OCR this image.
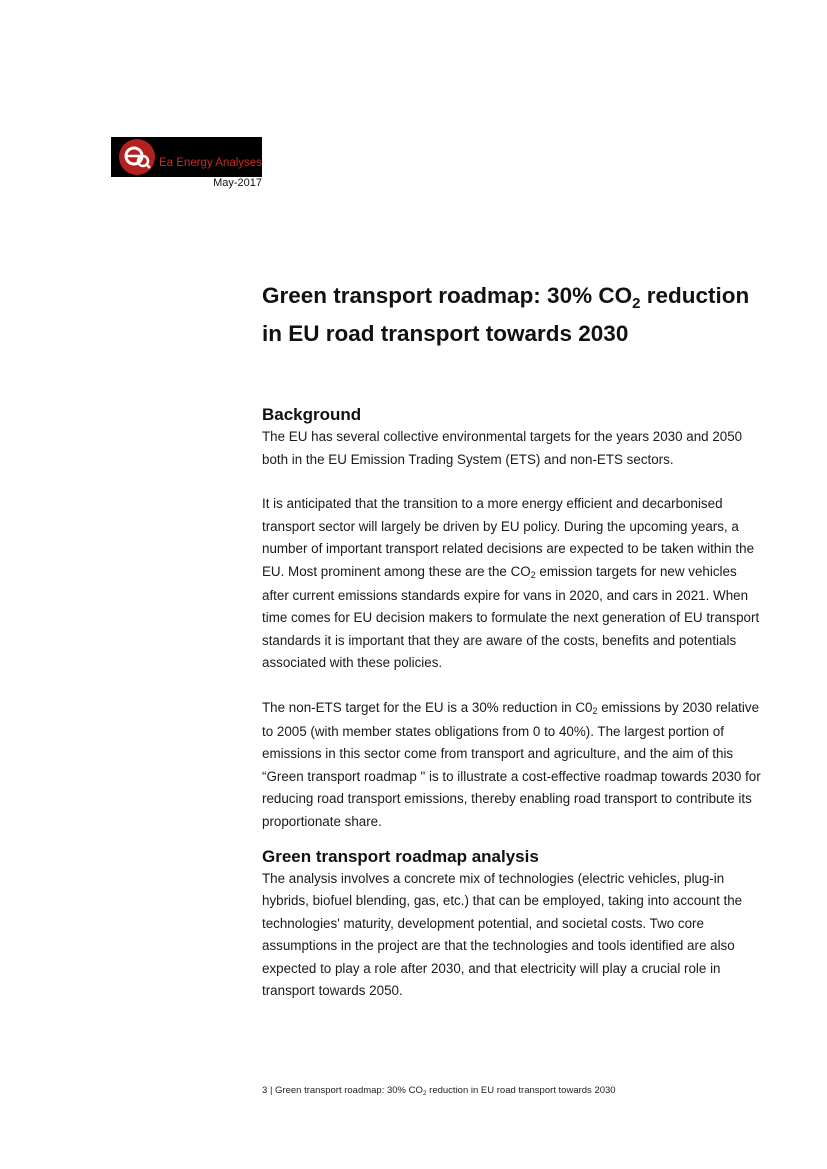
Ea Energy Analyses
May-2017
Green transport roadmap: 30% $CO_2$ reduction
in EU road transport towards 2030
Background

The EU has several collective environmental targets for the years 2030 and 2050 both in the EU Emission Trading System (ETS) and non-ETS sectors.

It is anticipated that the transition to a more energy efficient and decarbonised transport sector will largely be driven by EU policy. During the upcoming years, a number of important transport related decisions are expected to be taken within the EU. Most prominent among these are the CO2 emission targets for new vehicles after current emissions standards expire for vans in 2020, and cars in 2021. When time comes for EU decision makers to formulate the next generation of EU transport standards it is important that they are aware of the costs, benefits and potentials associated with these policies.

The non-ETS target for the EU is a 30% reduction in C02 emissions by 2030 relative to 2005 (with member states obligations from 0 to 40%). The largest portion of emissions in this sector come from transport and agriculture, and the aim of this “Green transport roadmap " is to illustrate a cost-effective roadmap towards 2030 for reducing road transport emissions, thereby enabling road transport to contribute its proportionate share.

Green transport roadmap analysis

The analysis involves a concrete mix of technologies (electric vehicles, plug-in hybrids, biofuel blending, gas, etc.) that can be employed, taking into account the technologies' maturity, development potential, and societal costs. Two core assumptions in the project are that the technologies and tools identified are also expected to play a role after 2030, and that electricity will play a crucial role in transport towards 2050.

3 | Green transport roadmap: 30% CO2 reduction in EU road transport towards 2030
